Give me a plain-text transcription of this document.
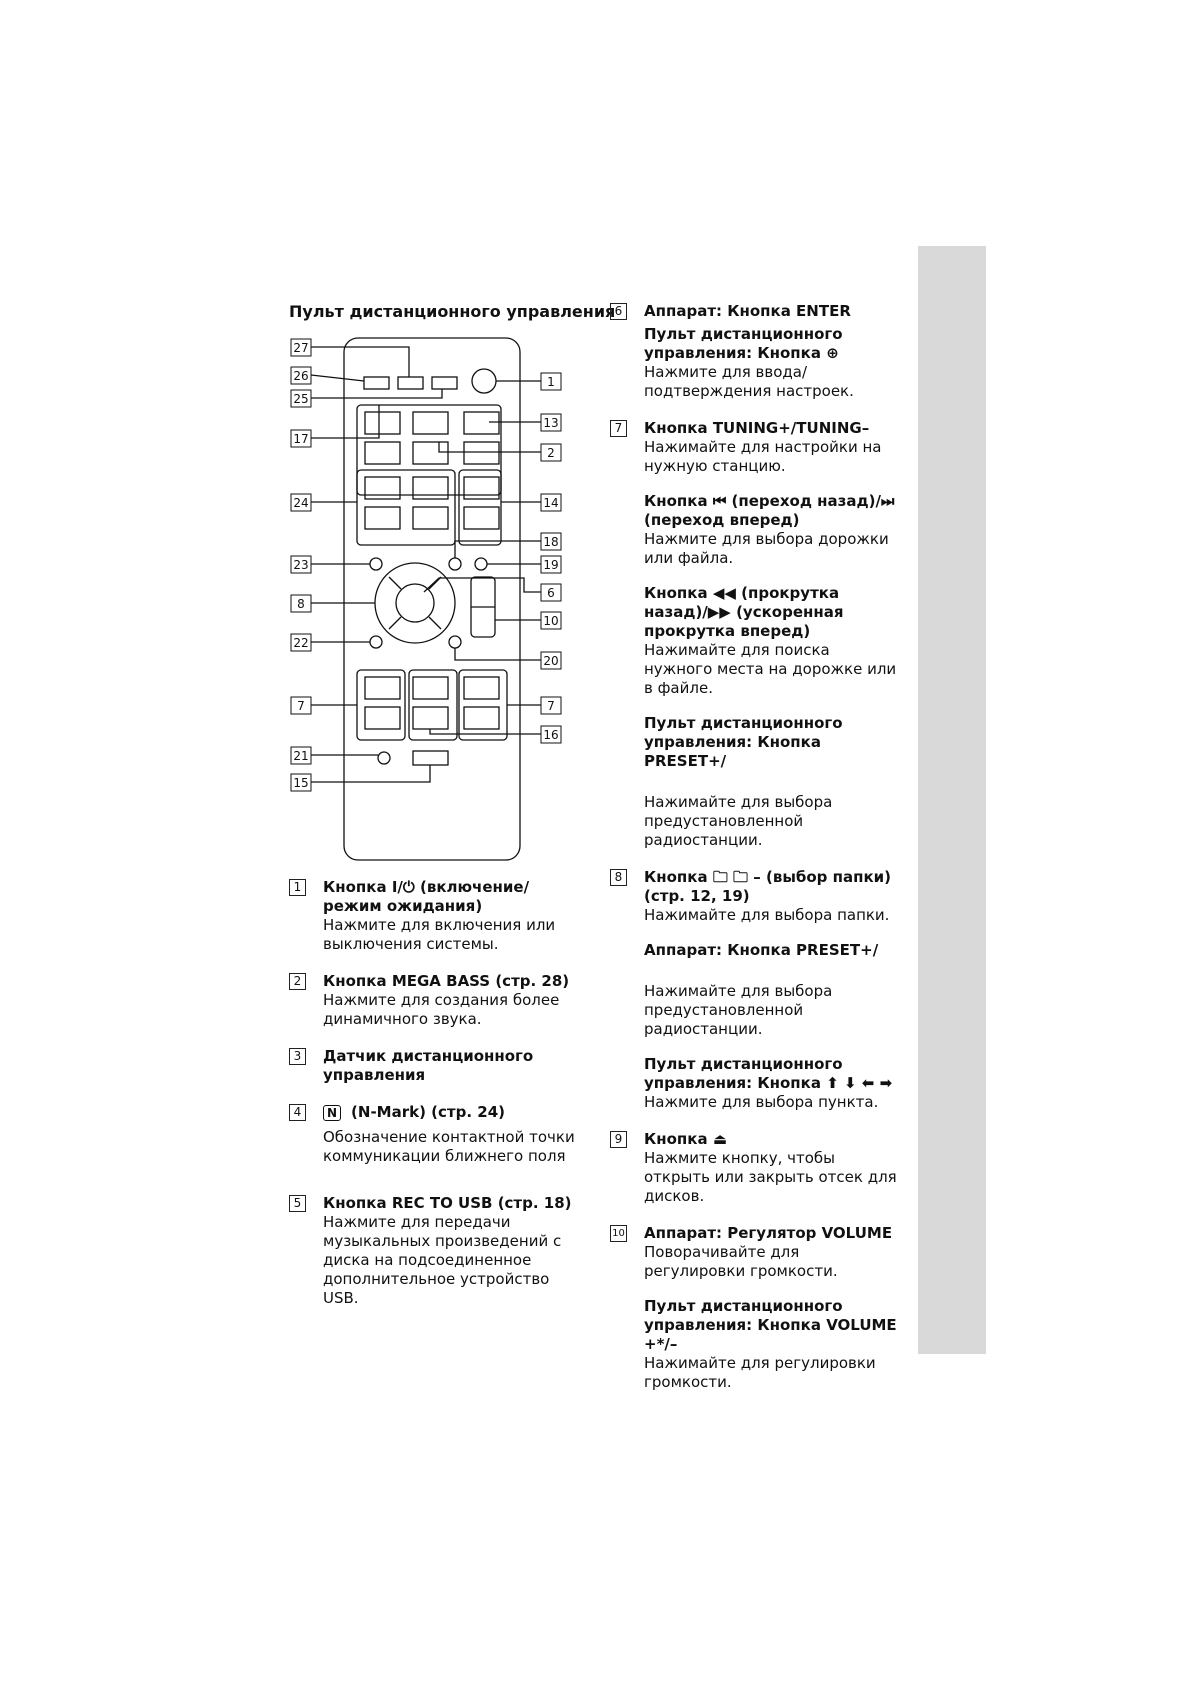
Пульт дистанционного управления
27
26
25
17
24
23
8
22
7
21
15
1
13
2
14
18
19
6
10
20
7
16
1	Кнопка I/⏻ (включение/режим ожидания)
Нажмите для включения или выключения системы.
2	Кнопка MEGA BASS (стр. 28)
Нажмите для создания более динамичного звука.
3	Датчик дистанционного управления
4	N (N-Mark) (стр. 24)
Обозначение контактной точки коммуникации ближнего поля
5	Кнопка REC TO USB (стр. 18)
Нажмите для передачи музыкальных произведений с диска на подсоединенное дополнительное устройство USB.
6	Аппарат: Кнопка ENTER
Пульт дистанционного управления: Кнопка ⊕
Нажмите для ввода/ подтверждения настроек.
7	Кнопка TUNING+/TUNING–
Нажимайте для настройки на нужную станцию.
Кнопка ⏮ (переход назад)/⏭ (переход вперед)
Нажмите для выбора дорожки или файла.
Кнопка ◀◀ (прокрутка назад)/▶▶ (ускоренная прокрутка вперед)
Нажимайте для поиска нужного места на дорожке или в файле.
Пульт дистанционного управления: Кнопка PRESET+/
Нажимайте для выбора предустановленной радиостанции.
8	Кнопка 🗀 🗀 – (выбор папки) (стр. 12, 19)
Нажимайте для выбора папки.
Аппарат: Кнопка PRESET+/
Нажимайте для выбора предустановленной радиостанции.
Пульт дистанционного управления: Кнопка ⬆ ⬇ ⬅ ➡
Нажмите для выбора пункта.
9	Кнопка ⏏
Нажмите кнопку, чтобы открыть или закрыть отсек для дисков.
10 Аппарат: Регулятор VOLUME
Поворачивайте для регулировки громкости.
Пульт дистанционного управления: Кнопка VOLUME +*/–
Нажимайте для регулировки громкости.
